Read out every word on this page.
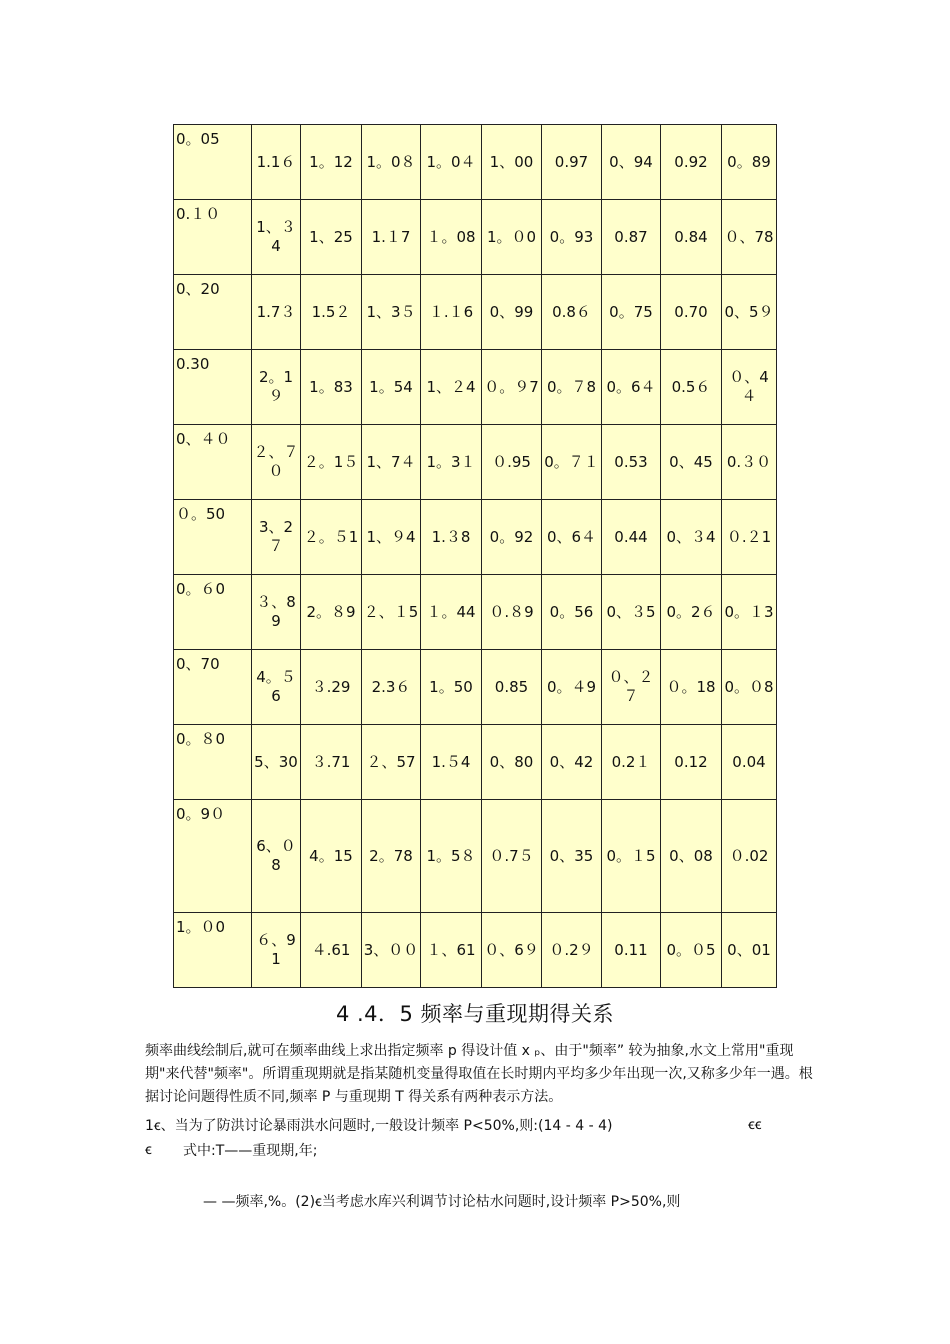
0。05	1.1６	1。12	1。0８	1。0４	1、00	0.97	0、94	0.92	0。89
0.１０	1、３4	1、25	1.１7	１。08	1。０0	0。93	0.87	0.84	０、78
0、20	1.7３	1.5２	1、3５	１.１6	0、99	0.8６	0。75	0.70	0、5９
0.30	2。1９	1。83	1。54	1、２4	０。９7	0。７8	0。6４	0.5６	０、4４
0、４０	２、７０	２。1５	1、7４	1。3１	０.95	0。７１	0.53	0、45	0.３０
０。50	3、2７	２。５1	1、９4	1.３8	0。92	0、6４	0.44	0、３4	０.２1
0。６0	３、89	2。８9	２、１5	１。44	０.８9	0。56	0、３5	0。2６	0。１3
0、70	4。５6	３.29	2.3６	1。50	0.85	0。４9	０、２７	０。18	0。０8
0。８0	5、30	３.71	２、57	1.５4	0、80	0、42	0.2１	0.12	0.04
0。9０	6、０8	4。15	2。78	1。5８	０.7５	0、35	0。１5	0、08	０.02
1。０0	６、91	４.61	3、００	１、61	０、6９	０.2９	0.11	0。０5	0、01
4 .4．5 频率与重现期得关系

频率曲线绘制后,就可在频率曲线上求出指定频率 p 得设计值 x ₚ、由于"频率” 较为抽象,水文上常用"重现期"来代替"频率"。所谓重现期就是指某随机变量得取值在长时期内平均多少年出现一次,又称多少年一遇。根据讨论问题得性质不同,频率 P 与重现期 T 得关系有两种表示方法。

1ꞓ、当为了防洪讨论暴雨洪水问题时,一般设计频率 P<50%,则:(14 - 4 - 4)	ꞓꞓ
ꞓ 式中:T——重现期,年;
— —频率,%。(2)ꞓ当考虑水库兴利调节讨论枯水问题时,设计频率 P>50%,则
